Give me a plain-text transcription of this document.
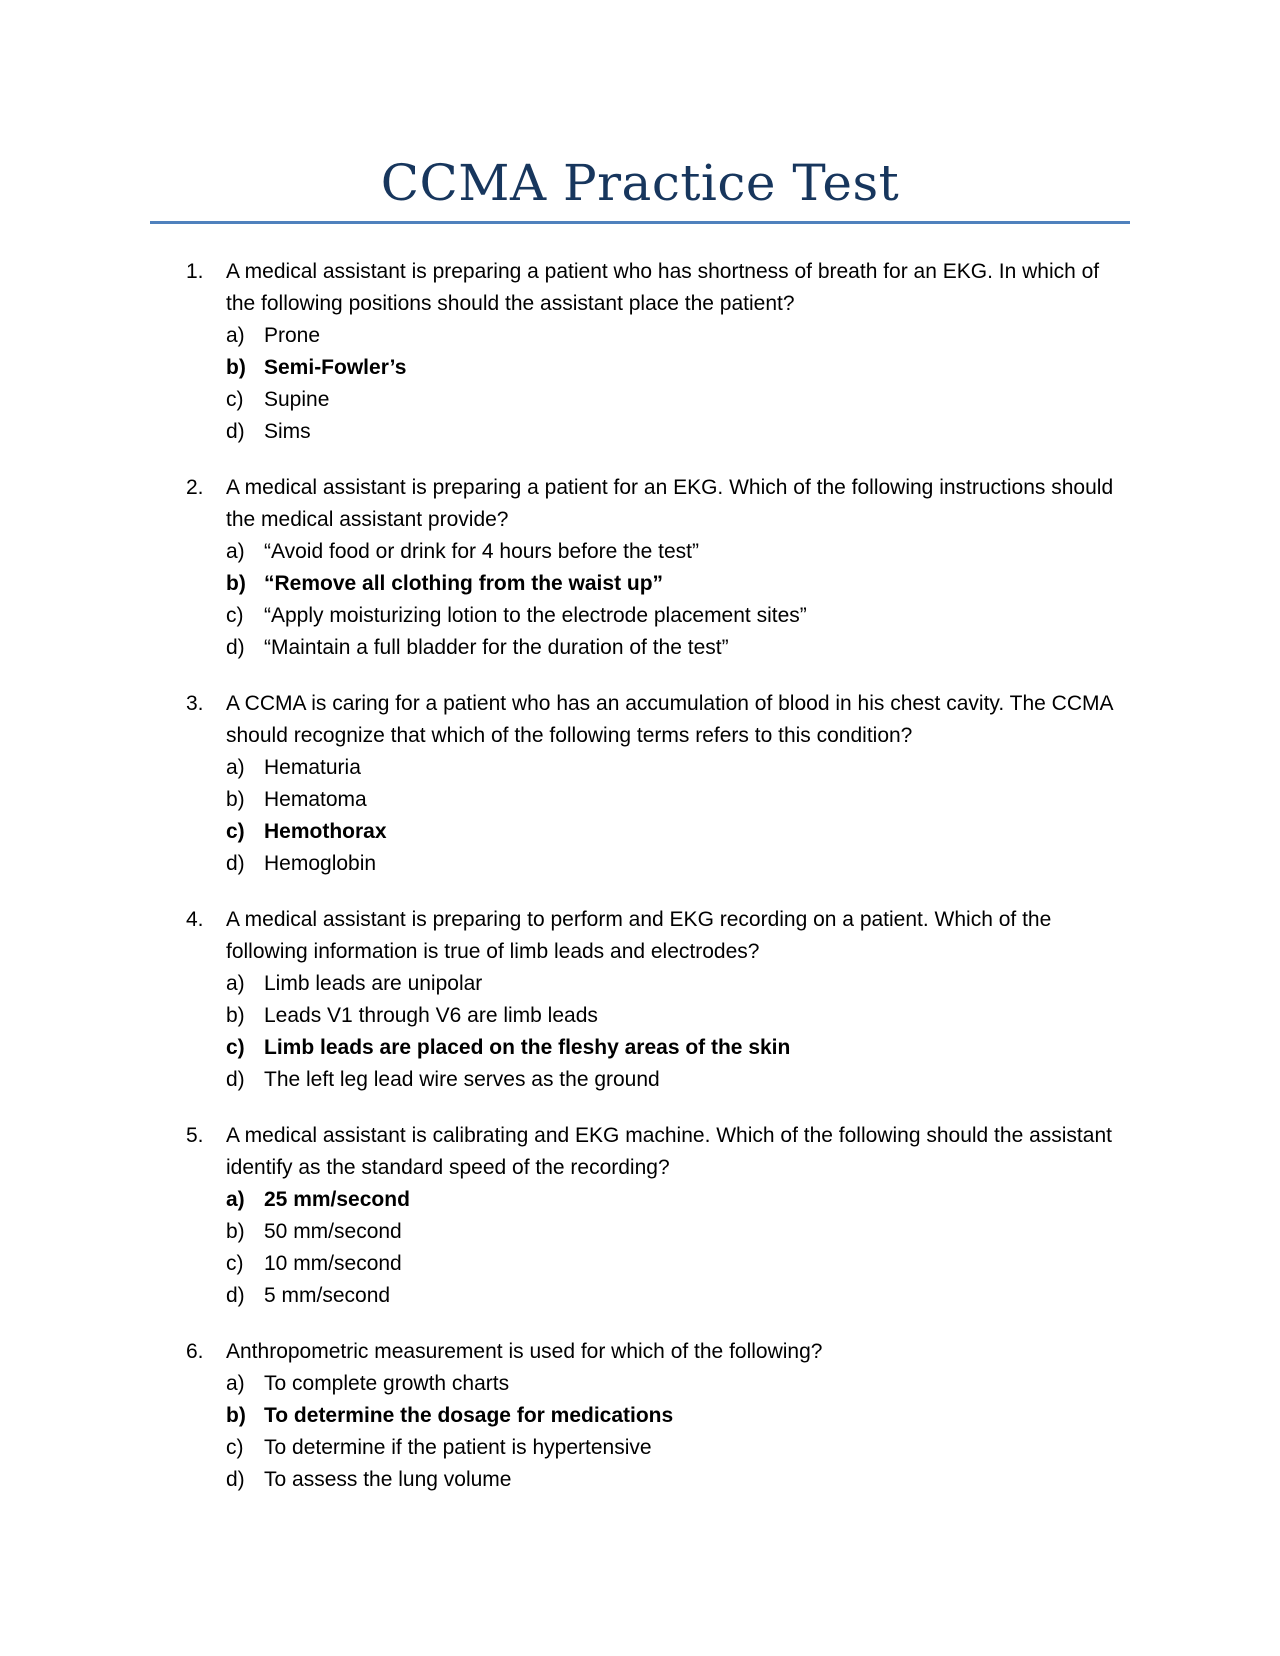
CCMA Practice Test
1.	A medical assistant is preparing a patient who has shortness of breath for an EKG. In which of the following positions should the assistant place the patient?
a) Prone
b) Semi-Fowler’s
c) Supine
d) Sims
2.	A medical assistant is preparing a patient for an EKG. Which of the following instructions should the medical assistant provide?
a) “Avoid food or drink for 4 hours before the test”
b) “Remove all clothing from the waist up”
c) “Apply moisturizing lotion to the electrode placement sites”
d) “Maintain a full bladder for the duration of the test”
3.	A CCMA is caring for a patient who has an accumulation of blood in his chest cavity. The CCMA should recognize that which of the following terms refers to this condition?
a) Hematuria
b) Hematoma
c) Hemothorax
d) Hemoglobin
4.	A medical assistant is preparing to perform and EKG recording on a patient. Which of the following information is true of limb leads and electrodes?
a) Limb leads are unipolar
b) Leads V1 through V6 are limb leads
c) Limb leads are placed on the fleshy areas of the skin
d) The left leg lead wire serves as the ground
5.	A medical assistant is calibrating and EKG machine. Which of the following should the assistant identify as the standard speed of the recording?
a) 25 mm/second
b) 50 mm/second
c) 10 mm/second
d) 5 mm/second
6.	Anthropometric measurement is used for which of the following?
a) To complete growth charts
b) To determine the dosage for medications
c) To determine if the patient is hypertensive
d) To assess the lung volume
